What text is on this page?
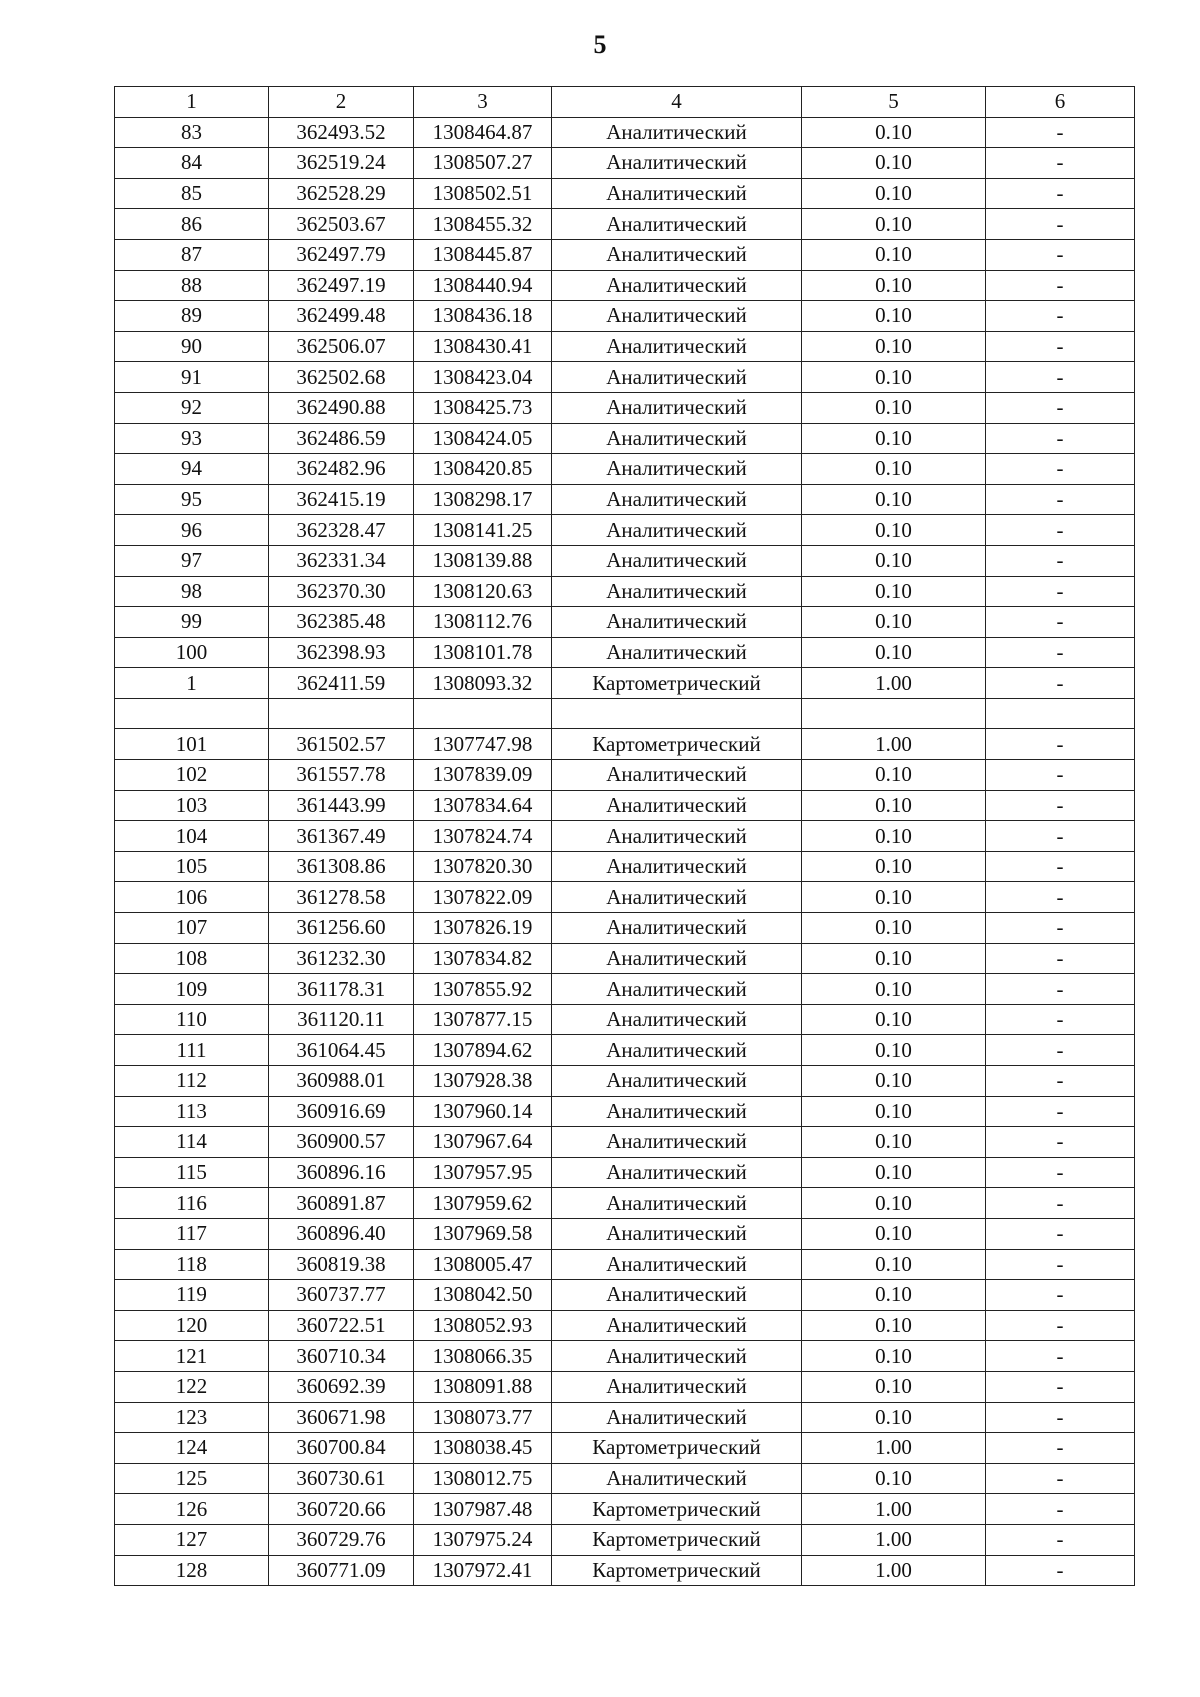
5
1	2	3	4	5	6
83	362493.52	1308464.87	Аналитический	0.10	-
84	362519.24	1308507.27	Аналитический	0.10	-
85	362528.29	1308502.51	Аналитический	0.10	-
86	362503.67	1308455.32	Аналитический	0.10	-
87	362497.79	1308445.87	Аналитический	0.10	-
88	362497.19	1308440.94	Аналитический	0.10	-
89	362499.48	1308436.18	Аналитический	0.10	-
90	362506.07	1308430.41	Аналитический	0.10	-
91	362502.68	1308423.04	Аналитический	0.10	-
92	362490.88	1308425.73	Аналитический	0.10	-
93	362486.59	1308424.05	Аналитический	0.10	-
94	362482.96	1308420.85	Аналитический	0.10	-
95	362415.19	1308298.17	Аналитический	0.10	-
96	362328.47	1308141.25	Аналитический	0.10	-
97	362331.34	1308139.88	Аналитический	0.10	-
98	362370.30	1308120.63	Аналитический	0.10	-
99	362385.48	1308112.76	Аналитический	0.10	-
100	362398.93	1308101.78	Аналитический	0.10	-
1	362411.59	1308093.32	Картометрический	1.00	-

101	361502.57	1307747.98	Картометрический	1.00	-
102	361557.78	1307839.09	Аналитический	0.10	-
103	361443.99	1307834.64	Аналитический	0.10	-
104	361367.49	1307824.74	Аналитический	0.10	-
105	361308.86	1307820.30	Аналитический	0.10	-
106	361278.58	1307822.09	Аналитический	0.10	-
107	361256.60	1307826.19	Аналитический	0.10	-
108	361232.30	1307834.82	Аналитический	0.10	-
109	361178.31	1307855.92	Аналитический	0.10	-
110	361120.11	1307877.15	Аналитический	0.10	-
111	361064.45	1307894.62	Аналитический	0.10	-
112	360988.01	1307928.38	Аналитический	0.10	-
113	360916.69	1307960.14	Аналитический	0.10	-
114	360900.57	1307967.64	Аналитический	0.10	-
115	360896.16	1307957.95	Аналитический	0.10	-
116	360891.87	1307959.62	Аналитический	0.10	-
117	360896.40	1307969.58	Аналитический	0.10	-
118	360819.38	1308005.47	Аналитический	0.10	-
119	360737.77	1308042.50	Аналитический	0.10	-
120	360722.51	1308052.93	Аналитический	0.10	-
121	360710.34	1308066.35	Аналитический	0.10	-
122	360692.39	1308091.88	Аналитический	0.10	-
123	360671.98	1308073.77	Аналитический	0.10	-
124	360700.84	1308038.45	Картометрический	1.00	-
125	360730.61	1308012.75	Аналитический	0.10	-
126	360720.66	1307987.48	Картометрический	1.00	-
127	360729.76	1307975.24	Картометрический	1.00	-
128	360771.09	1307972.41	Картометрический	1.00	-
